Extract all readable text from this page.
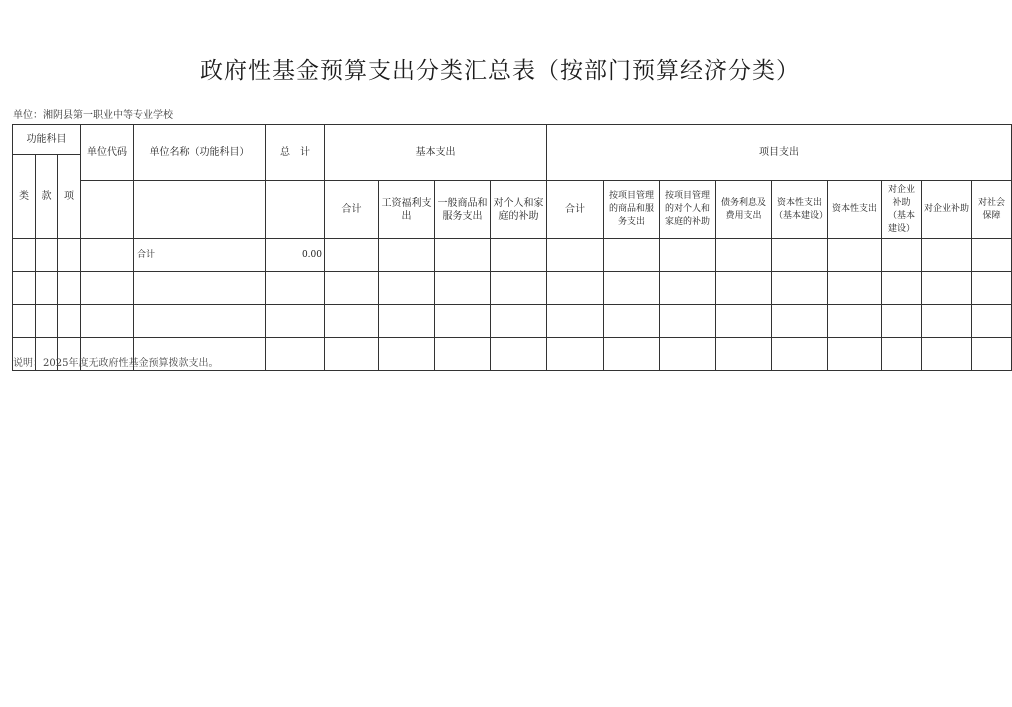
政府性基金预算支出分类汇总表（按部门预算经济分类）
单位：湘阴县第一职业中等专业学校
功能科目			单位代码	单位名称（功能科目）	总　计	基本支出				项目支出								
类	款	项																
						合计	工资福利支出	一般商品和服务支出	对个人和家庭的补助	合计	按项目管理的商品和服务支出	按项目管理的对个人和家庭的补助	债务利息及费用支出	资本性支出（基本建设）	资本性支出	对企业补助（基本建设）	对企业补助	对社会保障
				合计	0.00													

说明：2025年度无政府性基金预算拨款支出。
